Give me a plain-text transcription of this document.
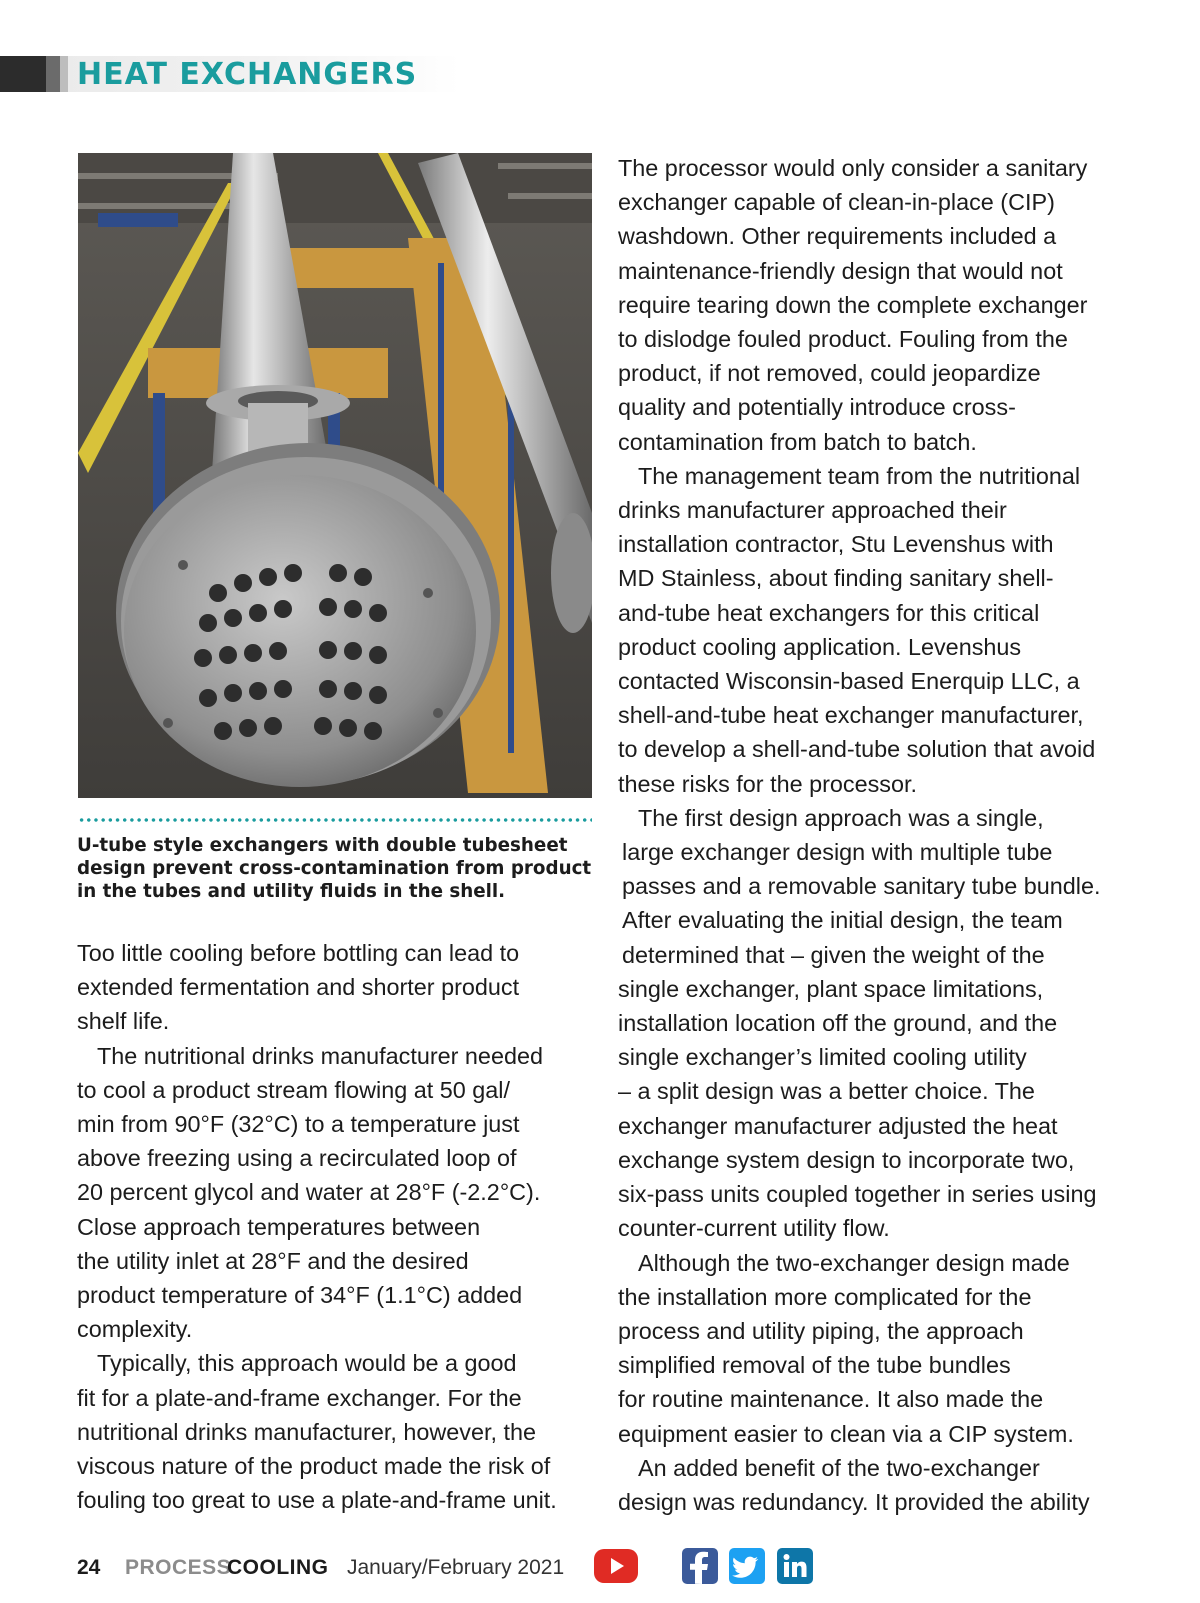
HEAT EXCHANGERS

U-tube style exchangers with double tubesheet
design prevent cross-contamination from product
in the tubes and utility fluids in the shell.

Too little cooling before bottling can lead to
extended fermentation and shorter product
shelf life.
The nutritional drinks manufacturer needed
to cool a product stream flowing at 50 gal/
min from 90°F (32°C) to a temperature just
above freezing using a recirculated loop of
20 percent glycol and water at 28°F (-2.2°C).
Close approach temperatures between
the utility inlet at 28°F and the desired
product temperature of 34°F (1.1°C) added
complexity.
Typically, this approach would be a good
fit for a plate-and-frame exchanger. For the
nutritional drinks manufacturer, however, the
viscous nature of the product made the risk of
fouling too great to use a plate-and-frame unit.
The processor would only consider a sanitary
exchanger capable of clean-in-place (CIP)
washdown. Other requirements included a
maintenance-friendly design that would not
require tearing down the complete exchanger
to dislodge fouled product. Fouling from the
product, if not removed, could jeopardize
quality and potentially introduce cross-
contamination from batch to batch.
The management team from the nutritional
drinks manufacturer approached their
installation contractor, Stu Levenshus with
MD Stainless, about finding sanitary shell-
and-tube heat exchangers for this critical
product cooling application. Levenshus
contacted Wisconsin-based Enerquip LLC, a
shell-and-tube heat exchanger manufacturer,
to develop a shell-and-tube solution that avoid
these risks for the processor.
The first design approach was a single,
large exchanger design with multiple tube
passes and a removable sanitary tube bundle.
After evaluating the initial design, the team
determined that – given the weight of the
single exchanger, plant space limitations,
installation location off the ground, and the
single exchanger’s limited cooling utility
– a split design was a better choice. The
exchanger manufacturer adjusted the heat
exchange system design to incorporate two,
six-pass units coupled together in series using
counter-current utility flow.
Although the two-exchanger design made
the installation more complicated for the
process and utility piping, the approach
simplified removal of the tube bundles
for routine maintenance. It also made the
equipment easier to clean via a CIP system.
An added benefit of the two-exchanger
design was redundancy. It provided the ability
24 PROCESS
COOLING January/February 2021
